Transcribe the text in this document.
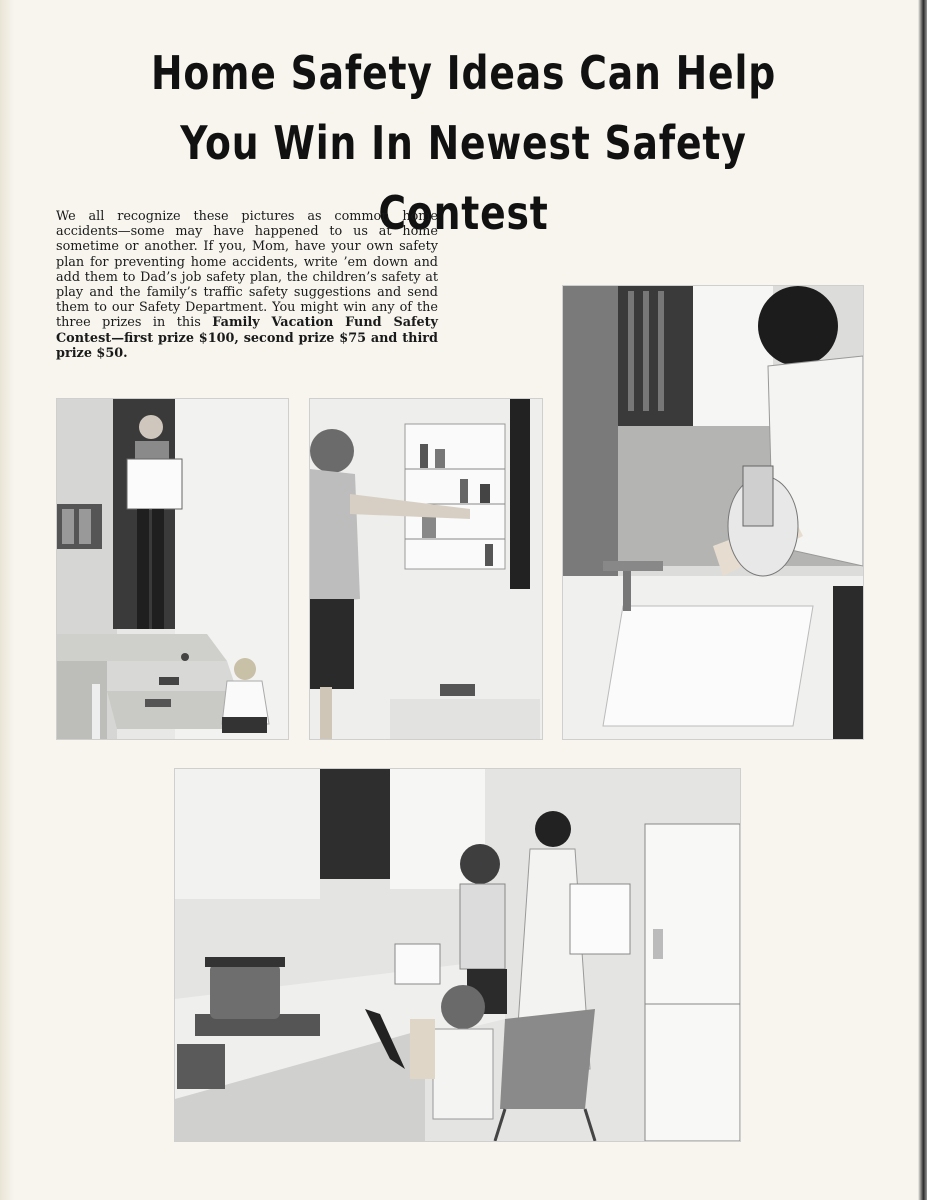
Home Safety Ideas Can Help
You Win In Newest Safety Contest

We all recognize these pictures as common home accidents—some may have happened to us at home sometime or another. If you, Mom, have your own safety plan for preventing home accidents, write ’em down and add them to Dad’s job safety plan, the children’s safety at play and the family’s traffic safety suggestions and send them to our Safety Department. You might win any of the three prizes in this Family Vacation Fund Safety Contest—first prize $100, second prize $75 and third prize $50.
